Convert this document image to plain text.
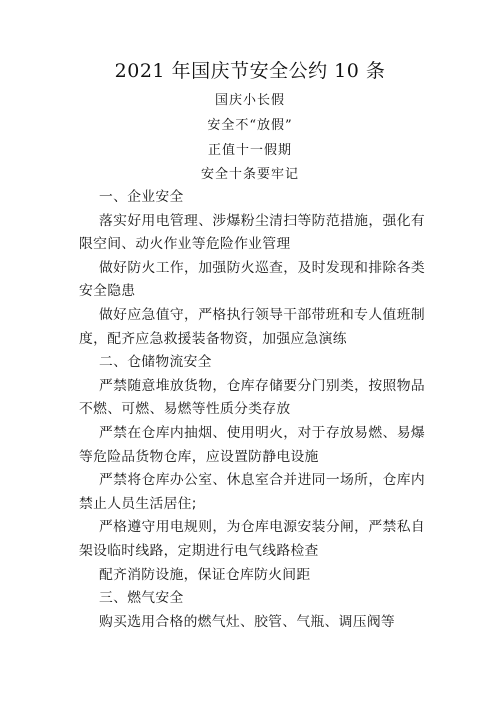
2021 年国庆节安全公约 10 条
国庆小长假
安全不“放假”
正值十一假期
安全十条要牢记

一、企业安全

落实好用电管理、涉爆粉尘清扫等防范措施，强化有限空间、动火作业等危险作业管理

做好防火工作，加强防火巡查，及时发现和排除各类安全隐患

做好应急值守，严格执行领导干部带班和专人值班制度，配齐应急救援装备物资，加强应急演练

二、仓储物流安全

严禁随意堆放货物，仓库存储要分门别类，按照物品不燃、可燃、易燃等性质分类存放

严禁在仓库内抽烟、使用明火，对于存放易燃、易爆等危险品货物仓库，应设置防静电设施

严禁将仓库办公室、休息室合并进同一场所，仓库内禁止人员生活居住;

严格遵守用电规则，为仓库电源安装分闸，严禁私自架设临时线路，定期进行电气线路检查

配齐消防设施，保证仓库防火间距

三、燃气安全

购买选用合格的燃气灶、胶管、气瓶、调压阀等
